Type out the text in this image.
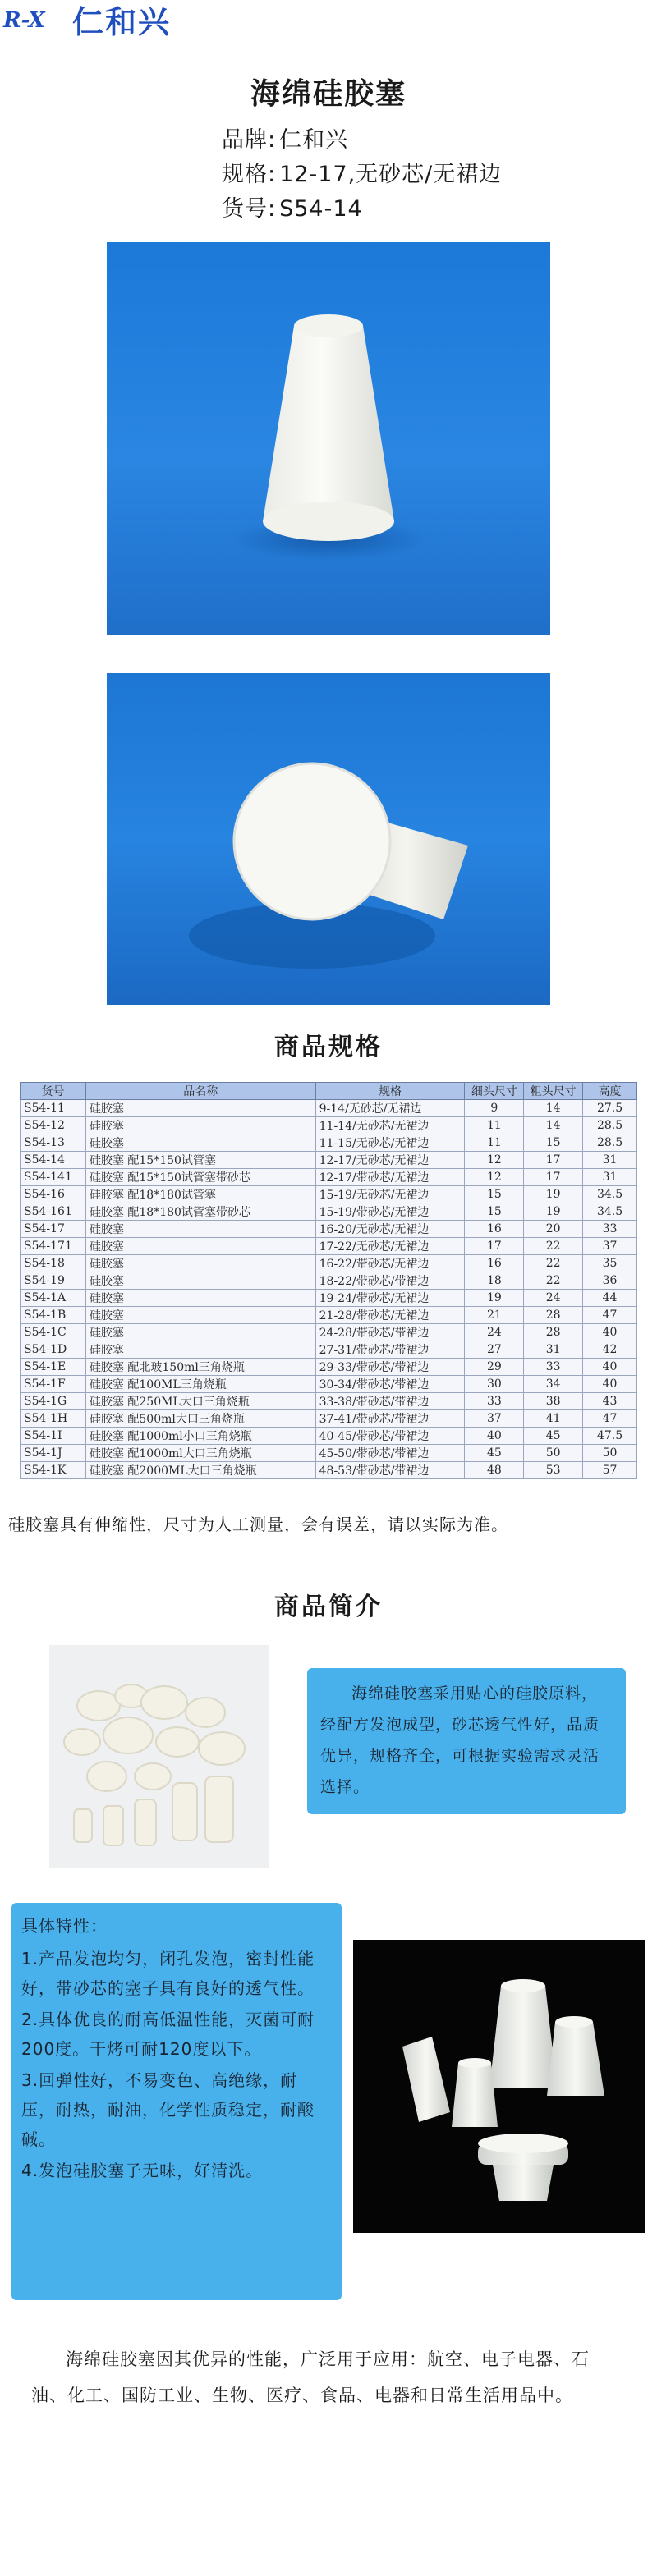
R-X 仁和兴
海绵硅胶塞
品牌: 仁和兴
规格: 12-17,无砂芯/无裙边
货号: S54-14
商品规格
货号	品名称	规格	细头尺寸	粗头尺寸	高度
S54-11	硅胶塞	9-14/无砂芯/无裙边	9	14	27.5
S54-12	硅胶塞	11-14/无砂芯/无裙边	11	14	28.5
S54-13	硅胶塞	11-15/无砂芯/无裙边	11	15	28.5
S54-14	硅胶塞 配15*150试管塞	12-17/无砂芯/无裙边	12	17	31
S54-141	硅胶塞 配15*150试管塞带砂芯	12-17/带砂芯/无裙边	12	17	31
S54-16	硅胶塞 配18*180试管塞	15-19/无砂芯/无裙边	15	19	34.5
S54-161	硅胶塞 配18*180试管塞带砂芯	15-19/带砂芯/无裙边	15	19	34.5
S54-17	硅胶塞	16-20/无砂芯/无裙边	16	20	33
S54-171	硅胶塞	17-22/无砂芯/无裙边	17	22	37
S54-18	硅胶塞	16-22/带砂芯/无裙边	16	22	35
S54-19	硅胶塞	18-22/带砂芯/带裙边	18	22	36
S54-1A	硅胶塞	19-24/带砂芯/无裙边	19	24	44
S54-1B	硅胶塞	21-28/带砂芯/无裙边	21	28	47
S54-1C	硅胶塞	24-28/带砂芯/带裙边	24	28	40
S54-1D	硅胶塞	27-31/带砂芯/带裙边	27	31	42
S54-1E	硅胶塞 配北玻150ml三角烧瓶	29-33/带砂芯/带裙边	29	33	40
S54-1F	硅胶塞 配100ML三角烧瓶	30-34/带砂芯/带裙边	30	34	40
S54-1G	硅胶塞 配250ML大口三角烧瓶	33-38/带砂芯/带裙边	33	38	43
S54-1H	硅胶塞 配500ml大口三角烧瓶	37-41/带砂芯/带裙边	37	41	47
S54-1I	硅胶塞 配1000ml小口三角烧瓶	40-45/带砂芯/带裙边	40	45	47.5
S54-1J	硅胶塞 配1000ml大口三角烧瓶	45-50/带砂芯/带裙边	45	50	50
S54-1K	硅胶塞 配2000ML大口三角烧瓶	48-53/带砂芯/带裙边	48	53	57
硅胶塞具有伸缩性，尺寸为人工测量，会有误差，请以实际为准。
商品简介

海绵硅胶塞采用贴心的硅胶原料，经配方发泡成型，砂芯透气性好，品质优异，规格齐全，可根据实验需求灵活选择。

具体特性：
1.产品发泡均匀，闭孔发泡，密封性能好，带砂芯的塞子具有良好的透气性。
2.具体优良的耐高低温性能，灭菌可耐200度。干烤可耐120度以下。
3.回弹性好，不易变色、高绝缘，耐压，耐热，耐油，化学性质稳定，耐酸碱。
4.发泡硅胶塞子无味，好清洗。
海绵硅胶塞因其优异的性能，广泛用于应用：航空、电子电器、石油、化工、国防工业、生物、医疗、食品、电器和日常生活用品中。
